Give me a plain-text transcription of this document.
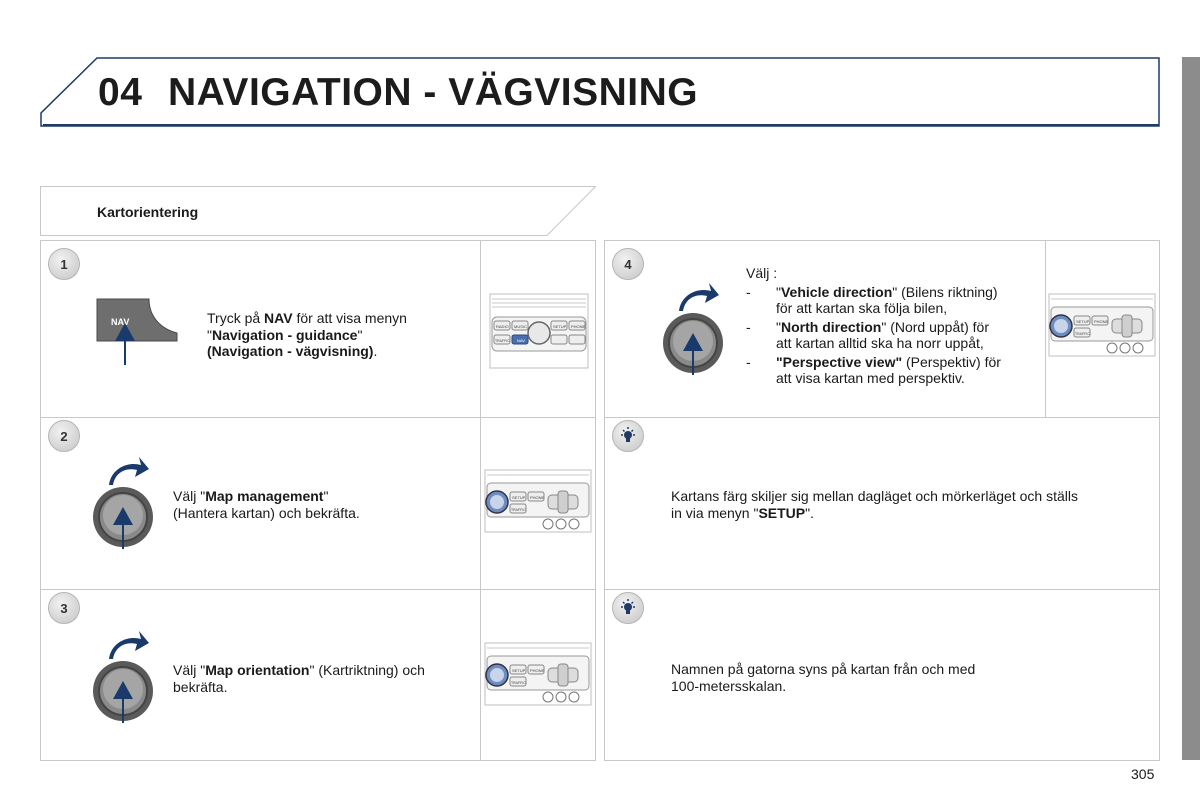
04 NAVIGATION - VÄGVISNING
Kartorientering
1
NAV	Tryck på NAV för att visa menyn
"Navigation - guidance"
(Navigation - vägvisning).
RADIO MUSIC	SETUP PHONE
TRAFFIC NAV
2
Välj "Map management"
(Hantera kartan) och bekräfta.
SETUP PHONE
TRAFFIC
3
Välj "Map orientation" (Kartriktning) och
bekräfta.
SETUP PHONE
TRAFFIC
4
Välj :
- "Vehicle direction" (Bilens riktning)
för att kartan ska följa bilen,
- "North direction" (Nord uppåt) för
att kartan alltid ska ha norr uppåt,
- "Perspective view" (Perspektiv) för
att visa kartan med perspektiv.
SETUP PHONE
TRAFFIC
Kartans färg skiljer sig mellan dagläget och mörkerläget och ställs
in via menyn "SETUP".
Namnen på gatorna syns på kartan från och med
100-metersskalan.
305
